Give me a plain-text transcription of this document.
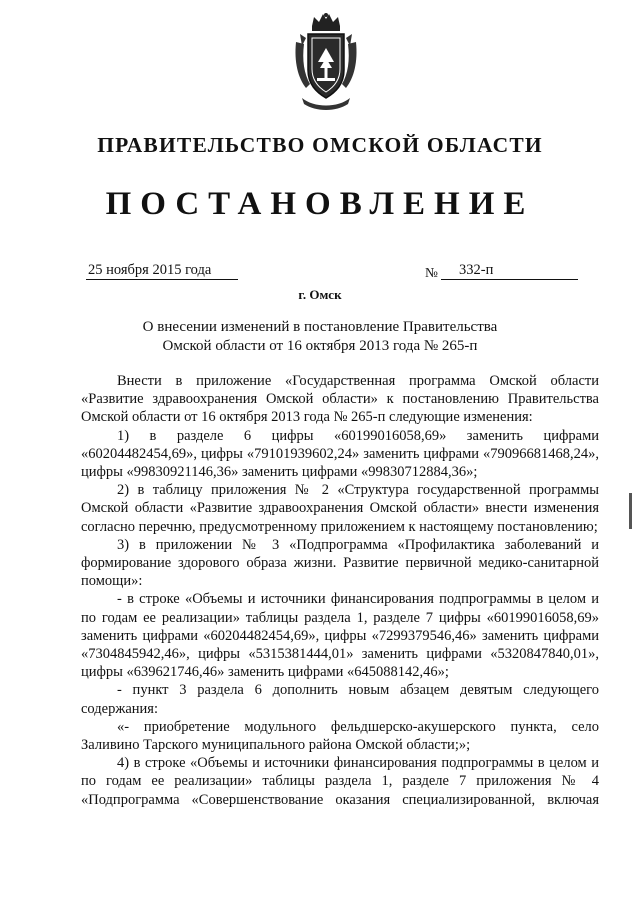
ПРАВИТЕЛЬСТВО ОМСКОЙ ОБЛАСТИ
ПОСТАНОВЛЕНИЕ
25 ноября 2015 года	№	332-п
г. Омск
О внесении изменений в постановление Правительства
Омской области от 16 октября 2013 года № 265-п

Внести в приложение «Государственная программа Омской области «Развитие здравоохранения Омской области» к постановлению Правительства Омской области от 16 октября 2013 года № 265-п следующие изменения:

1) в разделе 6 цифры «60199016058,69» заменить цифрами «60204482454,69», цифры «79101939602,24» заменить цифрами «79096681468,24», цифры «99830921146,36» заменить цифрами «99830712884,36»;

2) в таблицу приложения № 2 «Структура государственной программы Омской области «Развитие здравоохранения Омской области» внести изменения согласно перечню, предусмотренному приложением к настоящему постановлению;

3) в приложении № 3 «Подпрограмма «Профилактика заболеваний и формирование здорового образа жизни. Развитие первичной медико-санитарной помощи»:

- в строке «Объемы и источники финансирования подпрограммы в целом и по годам ее реализации» таблицы раздела 1, разделе 7 цифры «60199016058,69» заменить цифрами «60204482454,69», цифры «7299379546,46» заменить цифрами «7304845942,46», цифры «5315381444,01» заменить цифрами «5320847840,01», цифры «639621746,46» заменить цифрами «645088142,46»;

- пункт 3 раздела 6 дополнить новым абзацем девятым следующего содержания:

«- приобретение модульного фельдшерско-акушерского пункта, село Заливино Тарского муниципального района Омской области;»;

4) в строке «Объемы и источники финансирования подпрограммы в целом и по годам ее реализации» таблицы раздела 1, разделе 7 приложения № 4 «Подпрограмма «Совершенствование оказания специализированной, включая
